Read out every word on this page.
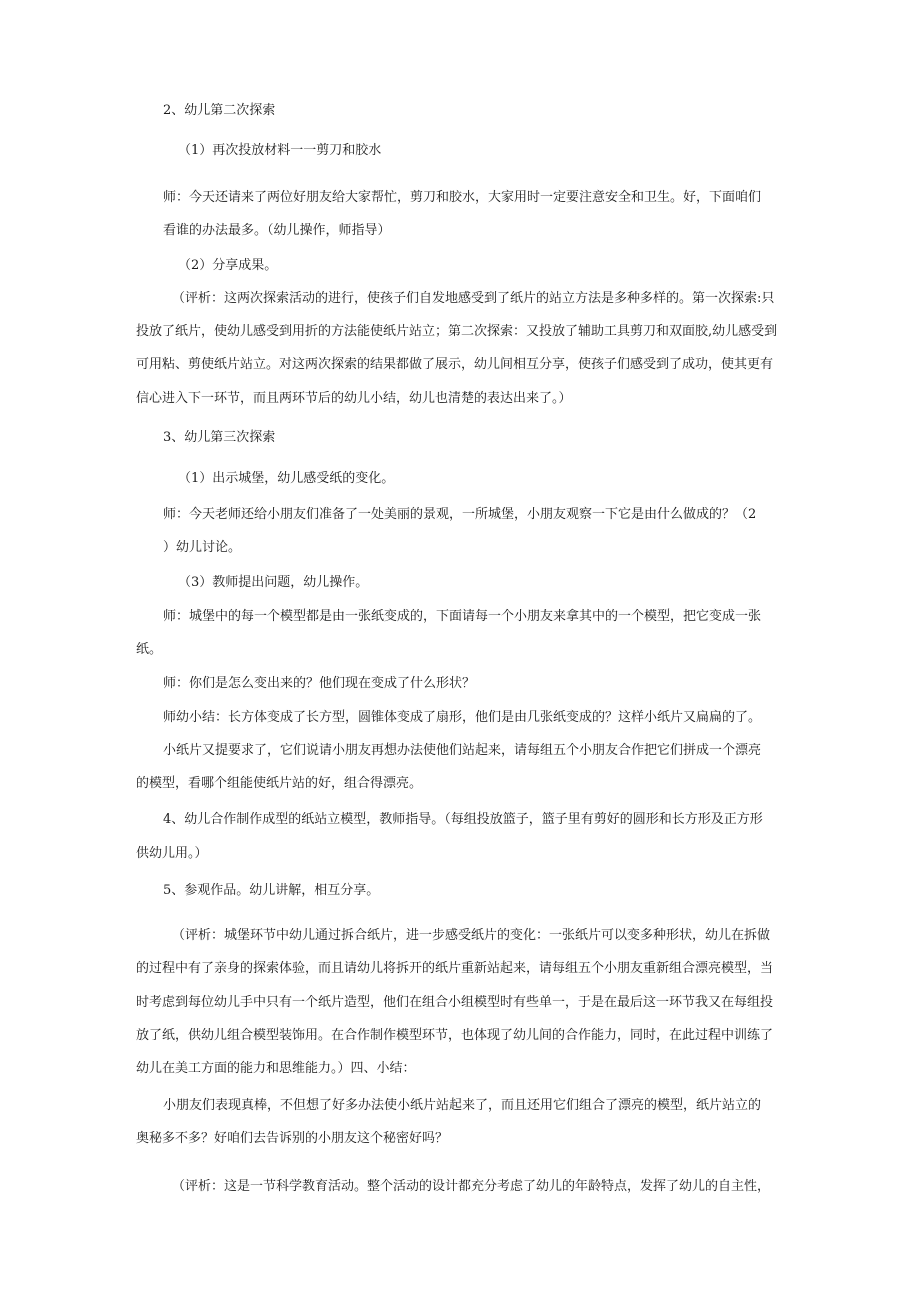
2、幼儿第二次探索
（1）再次投放材料一一剪刀和胶水
师：今天还请来了两位好朋友给大家帮忙，剪刀和胶水，大家用时一定要注意安全和卫生。好，下面咱们
看谁的办法最多。（幼儿操作，师指导）
（2）分享成果。
（评析：这两次探索活动的进行，使孩子们自发地感受到了纸片的站立方法是多种多样的。第一次探索:只
投放了纸片，使幼儿感受到用折的方法能使纸片站立；第二次探索：又投放了辅助工具剪刀和双面胶,幼儿感受到
可用粘、剪使纸片站立。对这两次探索的结果都做了展示，幼儿间相互分享，使孩子们感受到了成功，使其更有
信心进入下一环节，而且两环节后的幼儿小结，幼儿也清楚的表达出来了。）
3、幼儿第三次探索
（1）出示城堡，幼儿感受纸的变化。
师：今天老师还给小朋友们准备了一处美丽的景观，一所城堡，小朋友观察一下它是由什么做成的？（2
）幼儿讨论。
（3）教师提出问题，幼儿操作。
师：城堡中的每一个模型都是由一张纸变成的，下面请每一个小朋友来拿其中的一个模型，把它变成一张
纸。
师：你们是怎么变出来的？他们现在变成了什么形状？
师幼小结：长方体变成了长方型，圆锥体变成了扇形，他们是由几张纸变成的？这样小纸片又扁扁的了。
小纸片又提要求了，它们说请小朋友再想办法使他们站起来，请每组五个小朋友合作把它们拼成一个漂亮
的模型，看哪个组能使纸片站的好，组合得漂亮。
4、幼儿合作制作成型的纸站立模型，教师指导。（每组投放篮子，篮子里有剪好的圆形和长方形及正方形
供幼儿用。）
5、参观作品。幼儿讲解，相互分享。
（评析：城堡环节中幼儿通过拆合纸片，进一步感受纸片的变化：一张纸片可以变多种形状，幼儿在拆做
的过程中有了亲身的探索体验，而且请幼儿将拆开的纸片重新站起来，请每组五个小朋友重新组合漂亮模型，当
时考虑到每位幼儿手中只有一个纸片造型，他们在组合小组模型时有些单一，于是在最后这一环节我又在每组投
放了纸，供幼儿组合模型装饰用。在合作制作模型环节，也体现了幼儿间的合作能力，同时，在此过程中训练了
幼儿在美工方面的能力和思维能力。）四、小结：
小朋友们表现真棒，不但想了好多办法使小纸片站起来了，而且还用它们组合了漂亮的模型，纸片站立的
奥秘多不多？好咱们去告诉别的小朋友这个秘密好吗？
（评析：这是一节科学教育活动。整个活动的设计都充分考虑了幼儿的年龄特点，发挥了幼儿的自主性，
